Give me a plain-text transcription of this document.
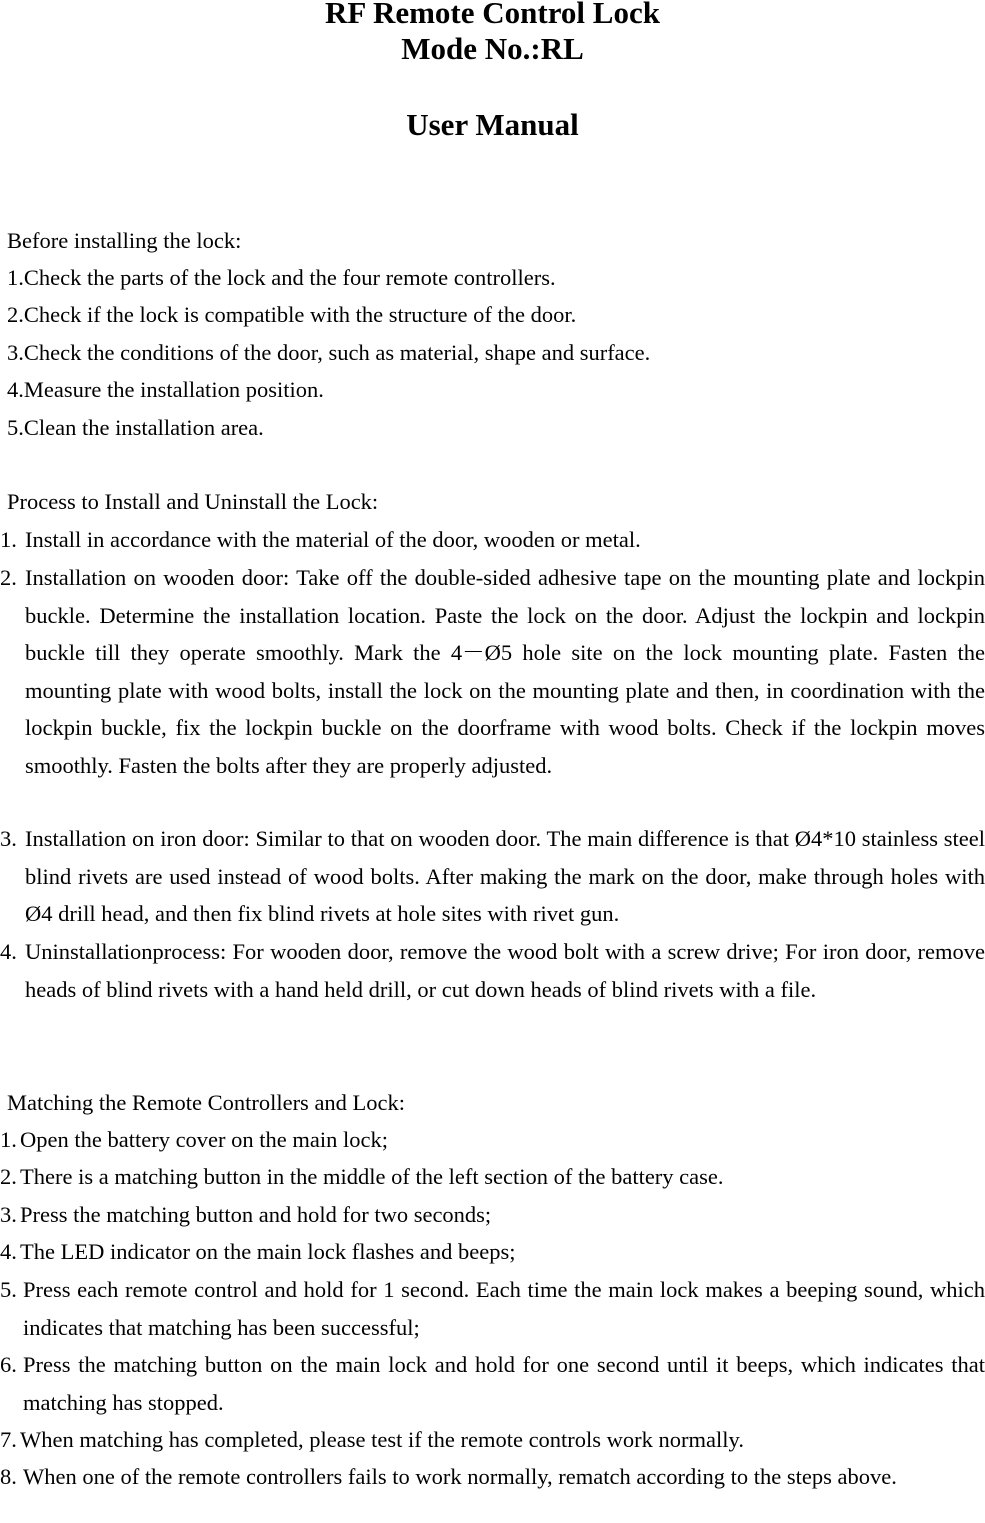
RF Remote Control Lock
Mode No.:RL
User Manual

Before installing the lock:

1.Check the parts of the lock and the four remote controllers.

2.Check if the lock is compatible with the structure of the door.

3.Check the conditions of the door, such as material, shape and surface.

4.Measure the installation position.

5.Clean the installation area.

Process to Install and Uninstall the Lock:

1. Install in accordance with the material of the door, wooden or metal.
2. Installation on wooden door: Take off the double-sided adhesive tape on the mounting plate and lockpin buckle. Determine the installation location. Paste the lock on the door. Adjust the lockpin and lockpin buckle till they operate smoothly. Mark the 4－Ø5 hole site on the lock mounting plate. Fasten the mounting plate with wood bolts, install the lock on the mounting plate and then, in coordination with the lockpin buckle, fix the lockpin buckle on the doorframe with wood bolts. Check if the lockpin moves smoothly. Fasten the bolts after they are properly adjusted.
3. Installation on iron door: Similar to that on wooden door. The main difference is that Ø4*10 stainless steel blind rivets are used instead of wood bolts. After making the mark on the door, make through holes with Ø4 drill head, and then fix blind rivets at hole sites with rivet gun.
4. Uninstallationprocess: For wooden door, remove the wood bolt with a screw drive; For iron door, remove heads of blind rivets with a hand held drill, or cut down heads of blind rivets with a file.

Matching the Remote Controllers and Lock:

1. Open the battery cover on the main lock;
2. There is a matching button in the middle of the left section of the battery case.
3. Press the matching button and hold for two seconds;
4. The LED indicator on the main lock flashes and beeps;
5. Press each remote control and hold for 1 second. Each time the main lock makes a beeping sound, which indicates that matching has been successful;
6. Press the matching button on the main lock and hold for one second until it beeps, which indicates that matching has stopped.
7. When matching has completed, please test if the remote controls work normally.
8. When one of the remote controllers fails to work normally, rematch according to the steps above.
